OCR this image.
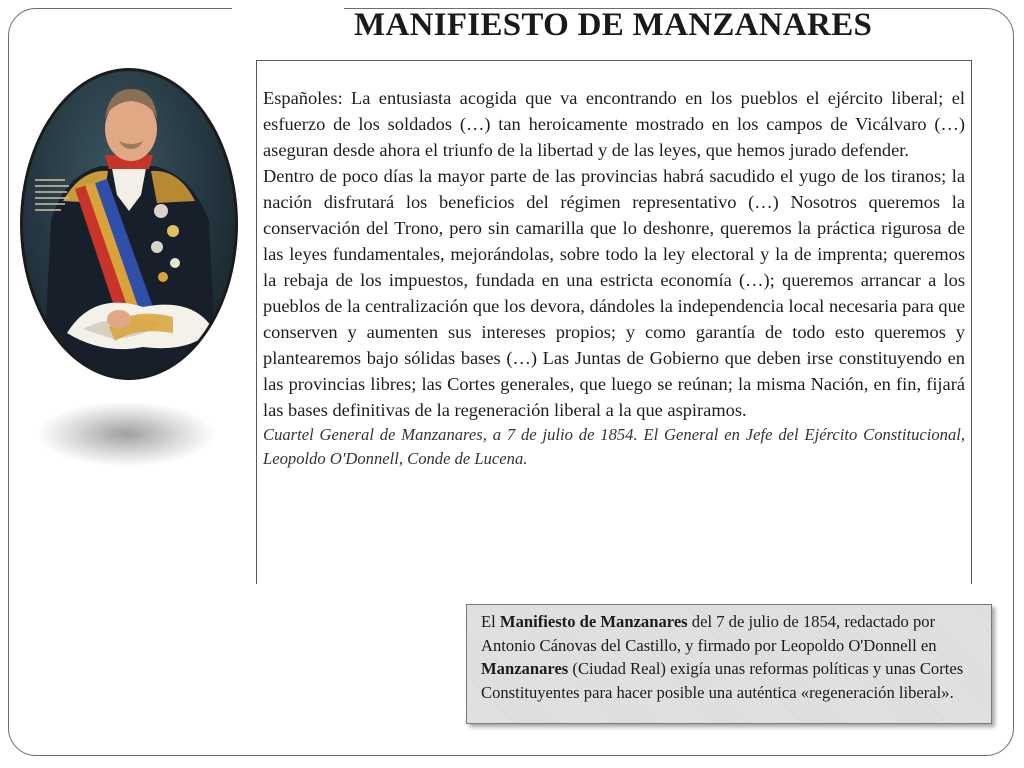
MANIFIESTO DE MANZANARES

Españoles: La entusiasta acogida que va encontrando en los pueblos el ejército liberal; el esfuerzo de los soldados (…) tan heroicamente mostrado en los campos de Vicálvaro (…) aseguran desde ahora el triunfo de la libertad y de las leyes, que hemos jurado defender.

Dentro de poco días la mayor parte de las provincias habrá sacudido el yugo de los tiranos; la nación disfrutará los beneficios del régimen representativo (…) Nosotros queremos la conservación del Trono, pero sin camarilla que lo deshonre, queremos la práctica rigurosa de las leyes fundamentales, mejorándolas, sobre todo la ley electoral y la de imprenta; queremos la rebaja de los impuestos, fundada en una estricta economía (…); queremos arrancar a los pueblos de la centralización que los devora, dándoles la independencia local necesaria para que conserven y aumenten sus intereses propios; y como garantía de todo esto queremos y plantearemos bajo sólidas bases (…) Las Juntas de Gobierno que deben irse constituyendo en las provincias libres; las Cortes generales, que luego se reúnan; la misma Nación, en fin, fijará las bases definitivas de la regeneración liberal a la que aspiramos.

Cuartel General de Manzanares, a 7 de julio de 1854. El General en Jefe del Ejército Constitucional, Leopoldo O'Donnell, Conde de Lucena.

El Manifiesto de Manzanares del 7 de julio de 1854, redactado por Antonio Cánovas del Castillo, y firmado por Leopoldo O'Donnell en Manzanares (Ciudad Real) exigía unas reformas políticas y unas Cortes Constituyentes para hacer posible una auténtica «regeneración liberal».
